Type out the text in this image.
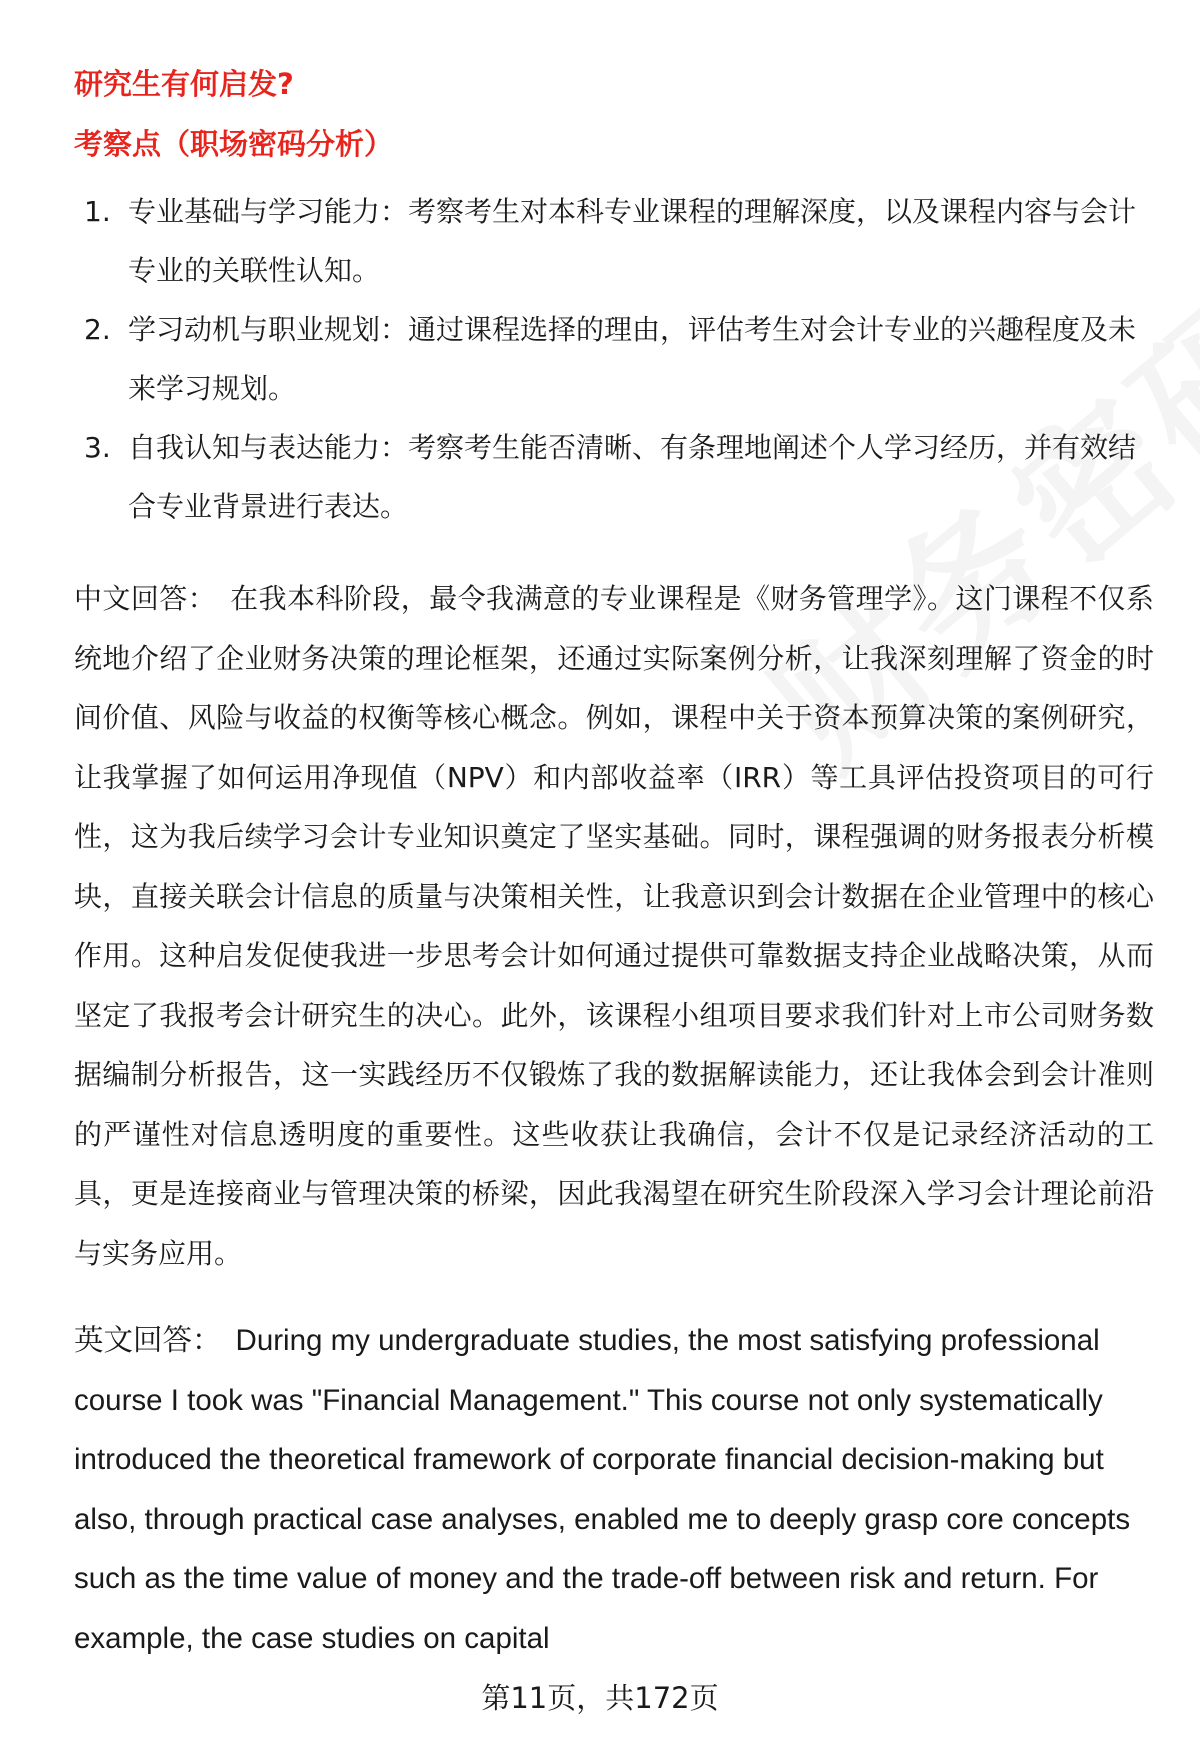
研究生有何启发?

考察点（职场密码分析）

1. 专业基础与学习能力：考察考生对本科专业课程的理解深度，以及课程内容与会计专业的关联性认知。
2. 学习动机与职业规划：通过课程选择的理由，评估考生对会计专业的兴趣程度及未来学习规划。
3. 自我认知与表达能力：考察考生能否清晰、有条理地阐述个人学习经历，并有效结合专业背景进行表达。

中文回答： 在我本科阶段，最令我满意的专业课程是《财务管理学》。这门课程不仅系统地介绍了企业财务决策的理论框架，还通过实际案例分析，让我深刻理解了资金的时间价值、风险与收益的权衡等核心概念。例如，课程中关于资本预算决策的案例研究，让我掌握了如何运用净现值（NPV）和内部收益率（IRR）等工具评估投资项目的可行性，这为我后续学习会计专业知识奠定了坚实基础。同时，课程强调的财务报表分析模块，直接关联会计信息的质量与决策相关性，让我意识到会计数据在企业管理中的核心作用。这种启发促使我进一步思考会计如何通过提供可靠数据支持企业战略决策，从而坚定了我报考会计研究生的决心。此外，该课程小组项目要求我们针对上市公司财务数据编制分析报告，这一实践经历不仅锻炼了我的数据解读能力，还让我体会到会计准则的严谨性对信息透明度的重要性。这些收获让我确信，会计不仅是记录经济活动的工具，更是连接商业与管理决策的桥梁，因此我渴望在研究生阶段深入学习会计理论前沿与实务应用。

英文回答： During my undergraduate studies, the most satisfying professional course I took was "Financial Management." This course not only systematically introduced the theoretical framework of corporate financial decision-making but also, through practical case analyses, enabled me to deeply grasp core concepts such as the time value of money and the trade-off between risk and return. For example, the case studies on capital

第11页，共172页
